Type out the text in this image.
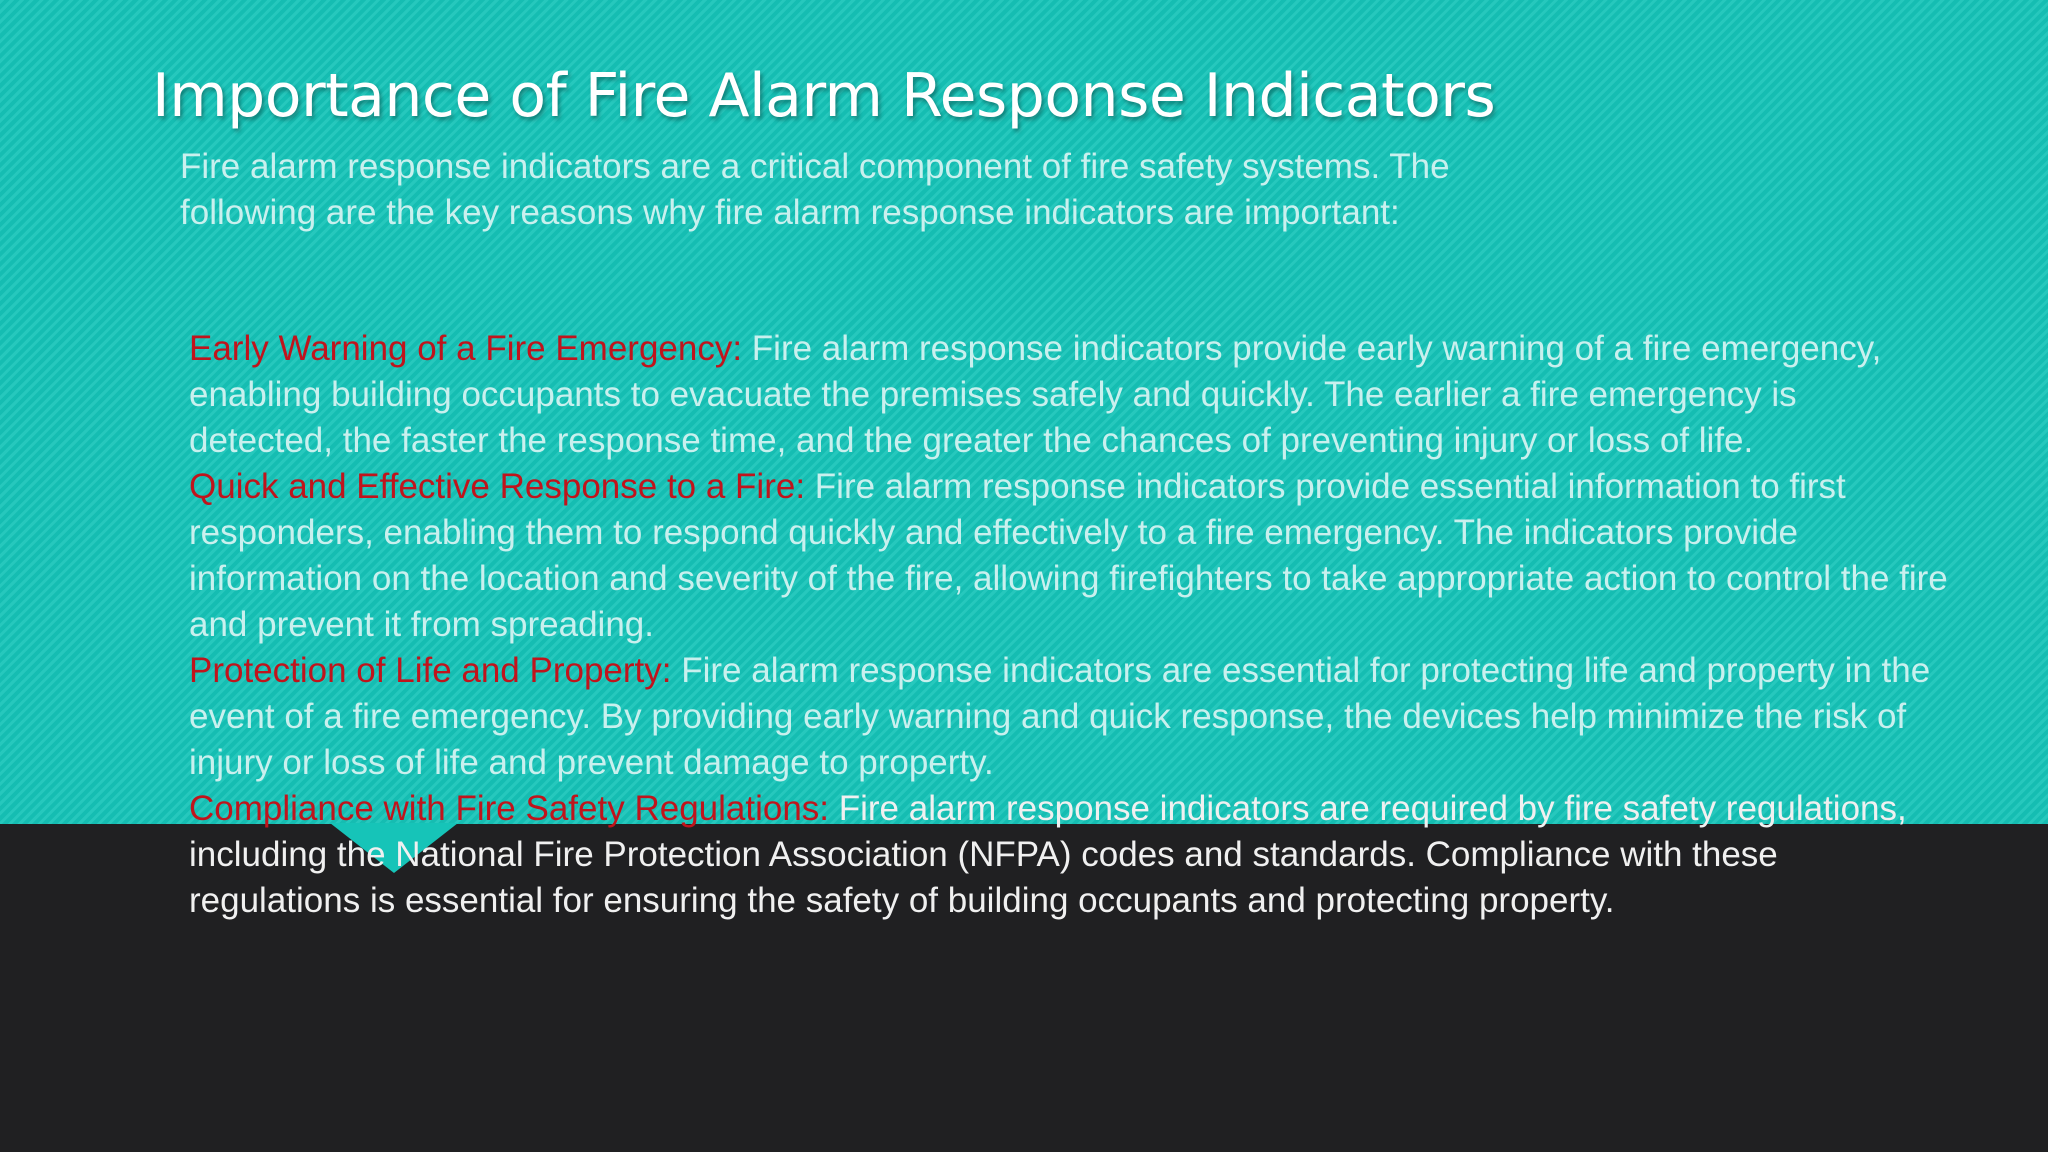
Importance of Fire Alarm Response Indicators

Fire alarm response indicators are a critical component of fire safety systems. The following are the key reasons why fire alarm response indicators are important:

Early Warning of a Fire Emergency: Fire alarm response indicators provide early warning of a fire emergency, enabling building occupants to evacuate the premises safely and quickly. The earlier a fire emergency is detected, the faster the response time, and the greater the chances of preventing injury or loss of life.

Quick and Effective Response to a Fire: Fire alarm response indicators provide essential information to first responders, enabling them to respond quickly and effectively to a fire emergency. The indicators provide information on the location and severity of the fire, allowing firefighters to take appropriate action to control the fire and prevent it from spreading.

Protection of Life and Property: Fire alarm response indicators are essential for protecting life and property in the event of a fire emergency. By providing early warning and quick response, the devices help minimize the risk of injury or loss of life and prevent damage to property.

Compliance with Fire Safety Regulations: Fire alarm response indicators are required by fire safety regulations, including the National Fire Protection Association (NFPA) codes and standards. Compliance with these regulations is essential for ensuring the safety of building occupants and protecting property.
